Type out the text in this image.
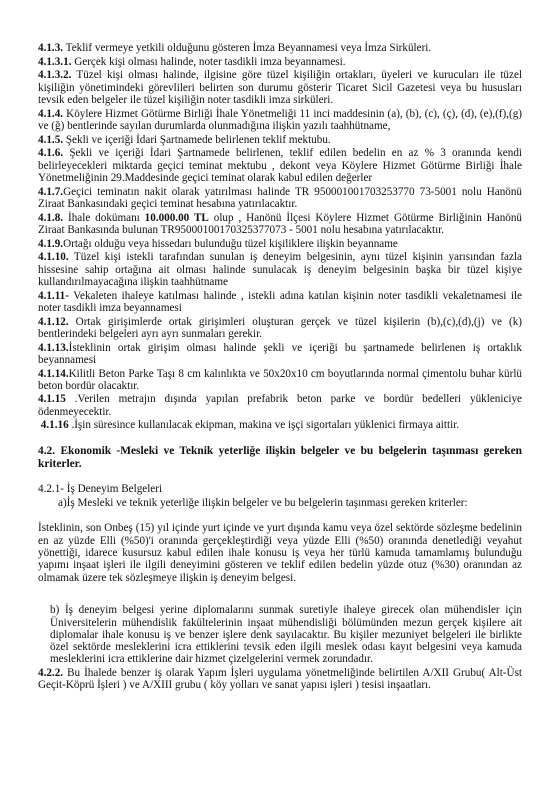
4.1.3. Teklif vermeye yetkili olduğunu gösteren İmza Beyannamesi veya İmza Sirküleri.

4.1.3.1. Gerçek kişi olması halinde, noter tasdikli imza beyannamesi.

4.1.3.2. Tüzel kişi olması halinde, ilgisine göre tüzel kişiliğin ortakları, üyeleri ve kurucuları ile tüzel kişiliğin yönetimindeki görevlileri belirten son durumu gösterir Ticaret Sicil Gazetesi veya bu hususları tevsik eden belgeler ile tüzel kişiliğin noter tasdikli imza sirküleri.

4.1.4. Köylere Hizmet Götürme Birliği İhale Yönetmeliği 11 inci maddesinin (a), (b), (c), (ç), (d), (e),(f),(g) ve (ğ) bentlerinde sayılan durumlarda olunmadığına ilişkin yazılı taahhütname,

4.1.5. Şekli ve içeriği İdari Şartnamede belirlenen teklif mektubu.

4.1.6. Şekli ve içeriği İdari Şartnamede belirlenen, teklif edilen bedelin en az % 3 oranında kendi belirleyecekleri miktarda geçici teminat mektubu , dekont veya Köylere Hizmet Götürme Birliği İhale Yönetmeliğinin 29.Maddesinde geçici teminat olarak kabul edilen değerler

4.1.7.Geçici teminatın nakit olarak yatırılması halinde TR 950001001703253770 73-5001 nolu Hanönü Ziraat Bankasındaki geçici teminat hesabına yatırılacaktır.

4.1.8. İhale dokümanı 10.000.00 TL olup , Hanönü İlçesi Köylere Hizmet Götürme Birliğinin Hanönü Ziraat Bankasında bulunan TR95000100170325377073 - 5001 nolu hesabına yatırılacaktır.

4.1.9.Ortağı olduğu veya hissedarı bulunduğu tüzel kişiliklere ilişkin beyanname

4.1.10. Tüzel kişi istekli tarafından sunulan iş deneyim belgesinin, aynı tüzel kişinin yarısından fazla hissesine sahip ortağına ait olması halinde sunulacak iş deneyim belgesinin başka bir tüzel kişiye kullandırılmayacağına ilişkin taahhütname

4.1.11- Vekaleten ihaleye katılması halinde , istekli adına katılan kişinin noter tasdikli vekaletnamesi ile noter tasdikli imza beyannamesi

4.1.12. Ortak girişimlerde ortak girişimleri oluşturan gerçek ve tüzel kişilerin (b),(c),(d),(j) ve (k) bentlerindeki belgeleri ayrı ayrı sunmaları gerekir.

4.1.13.İsteklinin ortak girişim olması halinde şekli ve içeriği bu şartnamede belirlenen iş ortaklık beyannamesi

4.1.14.Kilitli Beton Parke Taşı 8 cm kalınlıkta ve 50x20x10 cm boyutlarında normal çimentolu buhar kürlü beton bordür olacaktır.

4.1.15 .Verilen metrajın dışında yapılan prefabrik beton parke ve bordür bedelleri yükleniciye ödenmeyecektir.

4.1.16 .İşin süresince kullanılacak ekipman, makina ve işçi sigortaları yüklenici firmaya aittir.

4.2. Ekonomik -Mesleki ve Teknik yeterliğe ilişkin belgeler ve bu belgelerin taşınması gereken kriterler.

4.2.1- İş Deneyim Belgeleri

a)İş Mesleki ve teknik yeterliğe ilişkin belgeler ve bu belgelerin taşınması gereken kriterler:

İsteklinin, son Onbeş (15) yıl içinde yurt içinde ve yurt dışında kamu veya özel sektörde sözleşme bedelinin en az yüzde Elli (%50)'i oranında gerçekleştirdiği veya yüzde Elli (%50) oranında denetlediği veyahut yönettiği, idarece kusursuz kabul edilen ihale konusu iş veya her türlü kamuda tamamlamış bulunduğu yapımı inşaat işleri ile ilgili deneyimini gösteren ve teklif edilen bedelin yüzde otuz (%30) oranından az olmamak üzere tek sözleşmeye ilişkin iş deneyim belgesi.

b) İş deneyim belgesi yerine diplomalarını sunmak suretiyle ihaleye girecek olan mühendisler için Üniversitelerin mühendislik fakültelerinin inşaat mühendisliği bölümünden mezun gerçek kişilere ait diplomalar ihale konusu iş ve benzer işlere denk sayılacaktır. Bu kişiler mezuniyet belgeleri ile birlikte özel sektörde mesleklerini icra ettiklerini tevsik eden ilgili meslek odası kayıt belgesini veya kamuda mesleklerini icra ettiklerine dair hizmet çizelgelerini vermek zorundadır.

4.2.2. Bu İhalede benzer iş olarak Yapım İşleri uygulama yönetmeliğinde belirtilen A/XII Grubu( Alt-Üst Geçit-Köprü İşleri ) ve A/XIII grubu ( köy yolları ve sanat yapısı işleri ) tesisi inşaatları.
